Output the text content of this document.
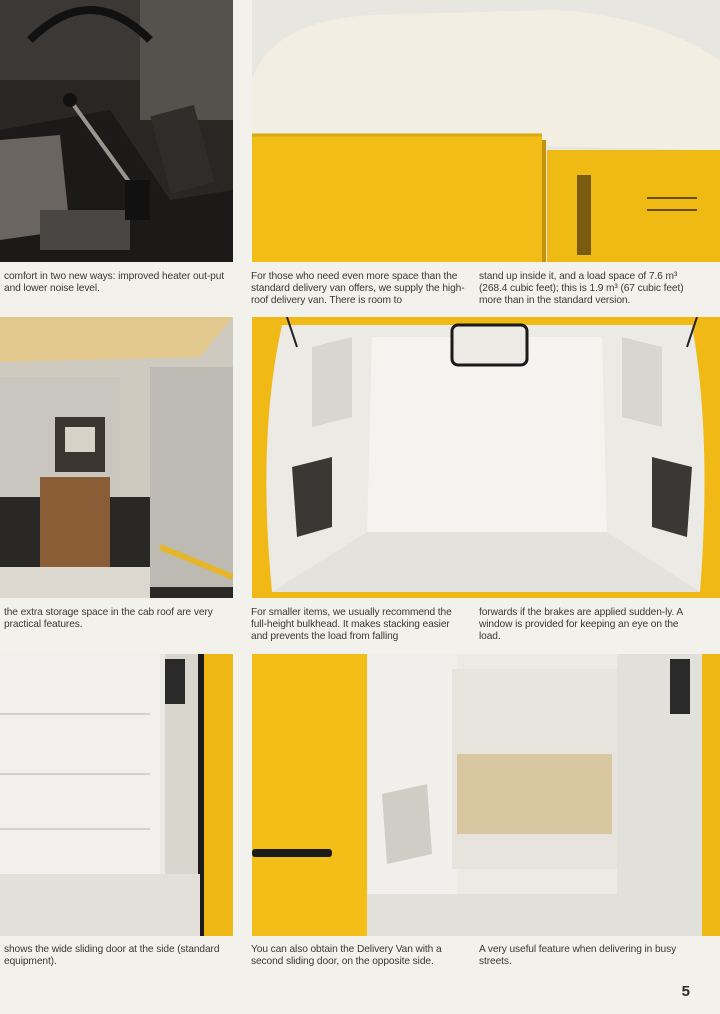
comfort in two new ways: improved heater out-put and lower noise level.
For those who need even more space than the standard delivery van offers, we supply the high-roof delivery van. There is room to
stand up inside it, and a load space of 7.6 m³ (268.4 cubic feet); this is 1.9 m³ (67 cubic feet) more than in the standard version.
the extra storage space in the cab roof are very practical features.
For smaller items, we usually recommend the full-height bulkhead. It makes stacking easier and prevents the load from falling
forwards if the brakes are applied sudden-ly. A window is provided for keeping an eye on the load.
shows the wide sliding door at the side (standard equipment).
You can also obtain the Delivery Van with a second sliding door, on the opposite side.
A very useful feature when delivering in busy streets.
5
